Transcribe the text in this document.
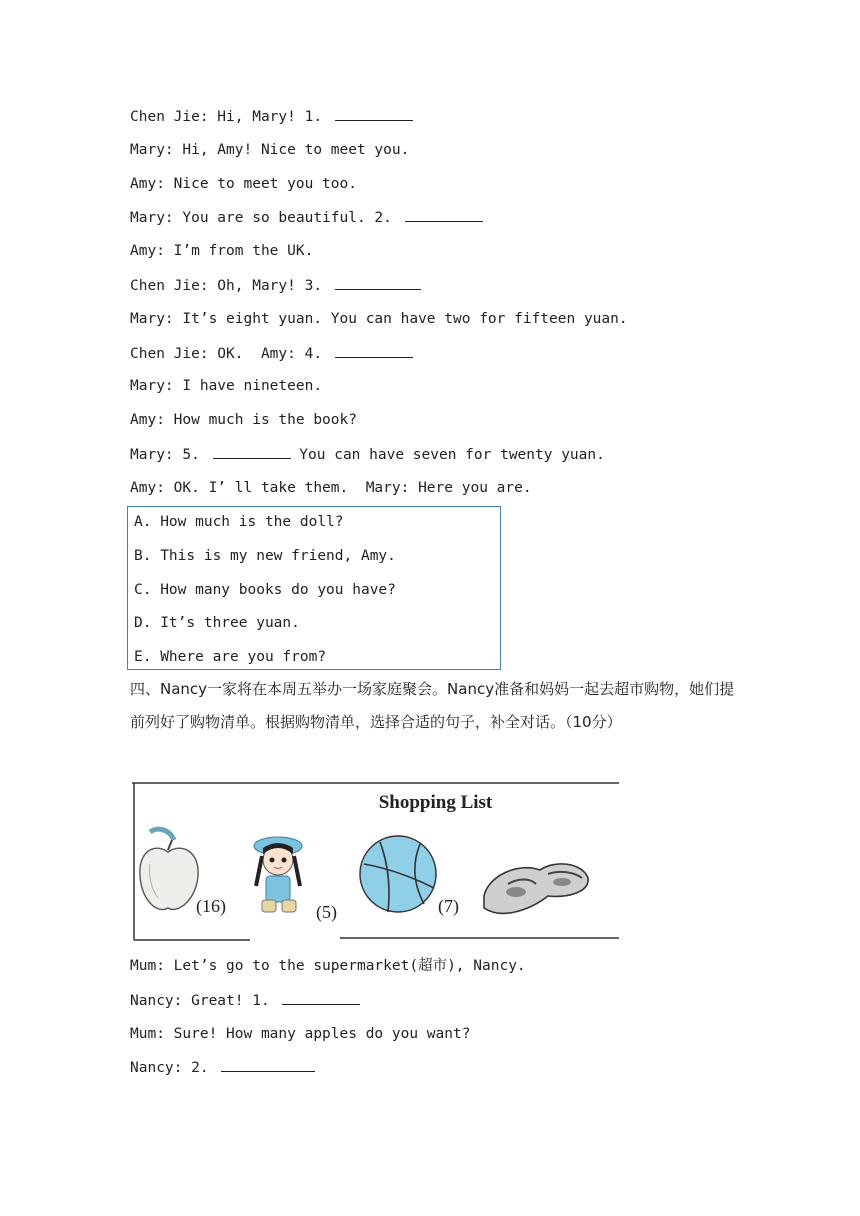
Chen Jie: Hi, Mary! 1.
Mary: Hi, Amy! Nice to meet you.
Amy: Nice to meet you too.
Mary: You are so beautiful. 2.
Amy: I’m from the UK.
Chen Jie: Oh, Mary! 3.
Mary: It’s eight yuan. You can have two for fifteen yuan.
Chen Jie: OK.  Amy: 4.
Mary: I have nineteen.
Amy: How much is the book?
Mary: 5.	You can have seven for twenty yuan.
Amy: OK. I’ ll take them.  Mary: Here you are.
A. How much is the doll?
B. This is my new friend, Amy.
C. How many books do you have?
D. It’s three yuan.
E. Where are you from?
四、Nancy一家将在本周五举办一场家庭聚会。Nancy准备和妈妈一起去超市购物，她们提前列好了购物清单。根据购物清单，选择合适的句子，补全对话。（10分）
Shopping List
(16)	(5)	(7)
Mum: Let’s go to the supermarket(超市), Nancy.
Nancy: Great! 1.
Mum: Sure! How many apples do you want?
Nancy: 2.
